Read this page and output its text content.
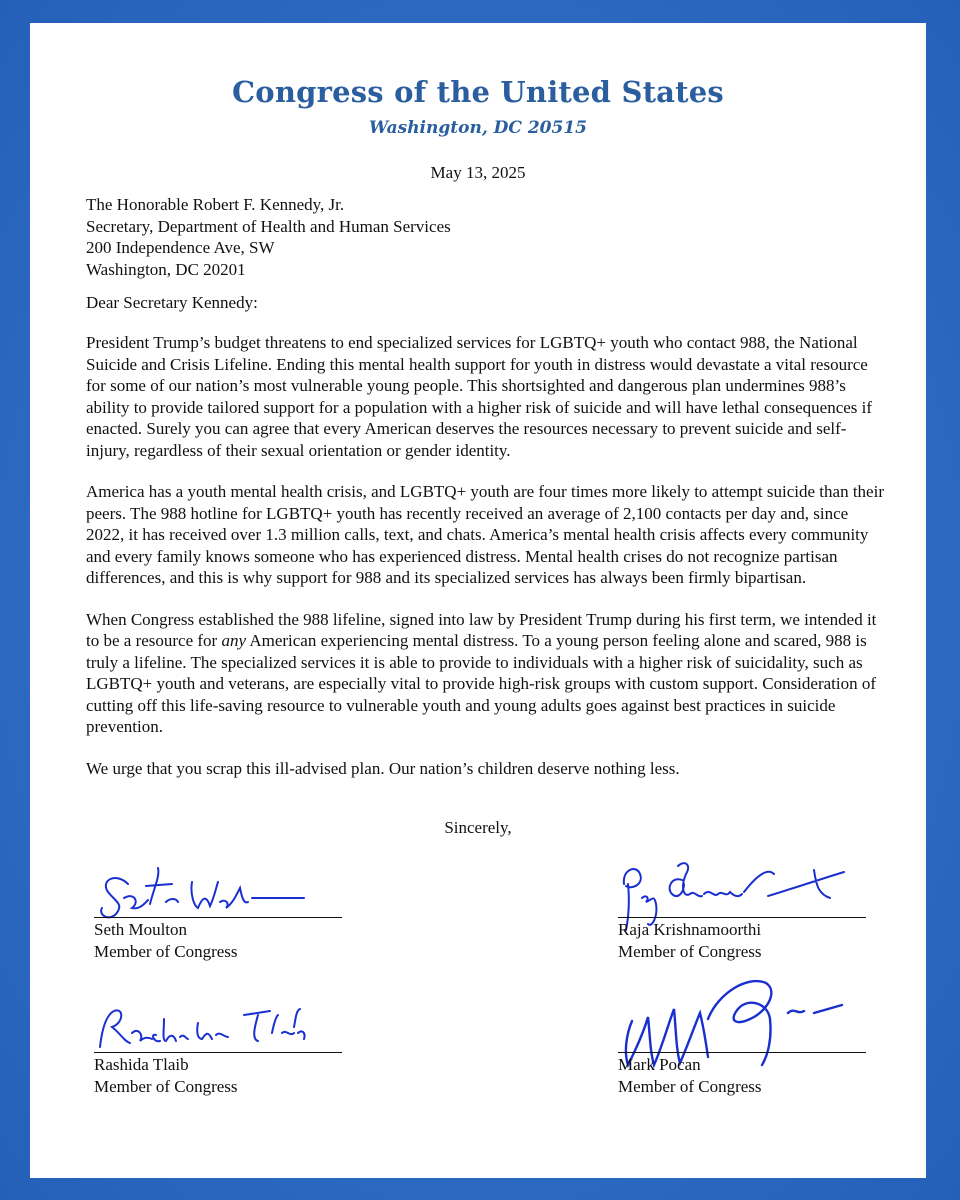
Congress of the United States
Washington, DC 20515
May 13, 2025
The Honorable Robert F. Kennedy, Jr.
Secretary, Department of Health and Human Services
200 Independence Ave, SW
Washington, DC 20201
Dear Secretary Kennedy:

President Trump’s budget threatens to end specialized services for LGBTQ+ youth who contact 988, the National Suicide and Crisis Lifeline. Ending this mental health support for youth in distress would devastate a vital resource for some of our nation’s most vulnerable young people. This shortsighted and dangerous plan undermines 988’s ability to provide tailored support for a population with a higher risk of suicide and will have lethal consequences if enacted. Surely you can agree that every American deserves the resources necessary to prevent suicide and self-injury, regardless of their sexual orientation or gender identity.

America has a youth mental health crisis, and LGBTQ+ youth are four times more likely to attempt suicide than their peers. The 988 hotline for LGBTQ+ youth has recently received an average of 2,100 contacts per day and, since 2022, it has received over 1.3 million calls, text, and chats. America’s mental health crisis affects every community and every family knows someone who has experienced distress. Mental health crises do not recognize partisan differences, and this is why support for 988 and its specialized services has always been firmly bipartisan.

When Congress established the 988 lifeline, signed into law by President Trump during his first term, we intended it to be a resource for any American experiencing mental distress. To a young person feeling alone and scared, 988 is truly a lifeline. The specialized services it is able to provide to individuals with a higher risk of suicidality, such as LGBTQ+ youth and veterans, are especially vital to provide high-risk groups with custom support. Consideration of cutting off this life-saving resource to vulnerable youth and young adults goes against best practices in suicide prevention.

We urge that you scrap this ill-advised plan. Our nation’s children deserve nothing less.

Sincerely,
Seth Moulton
Member of Congress
Raja Krishnamoorthi
Member of Congress
Rashida Tlaib
Member of Congress
Mark Pocan
Member of Congress
